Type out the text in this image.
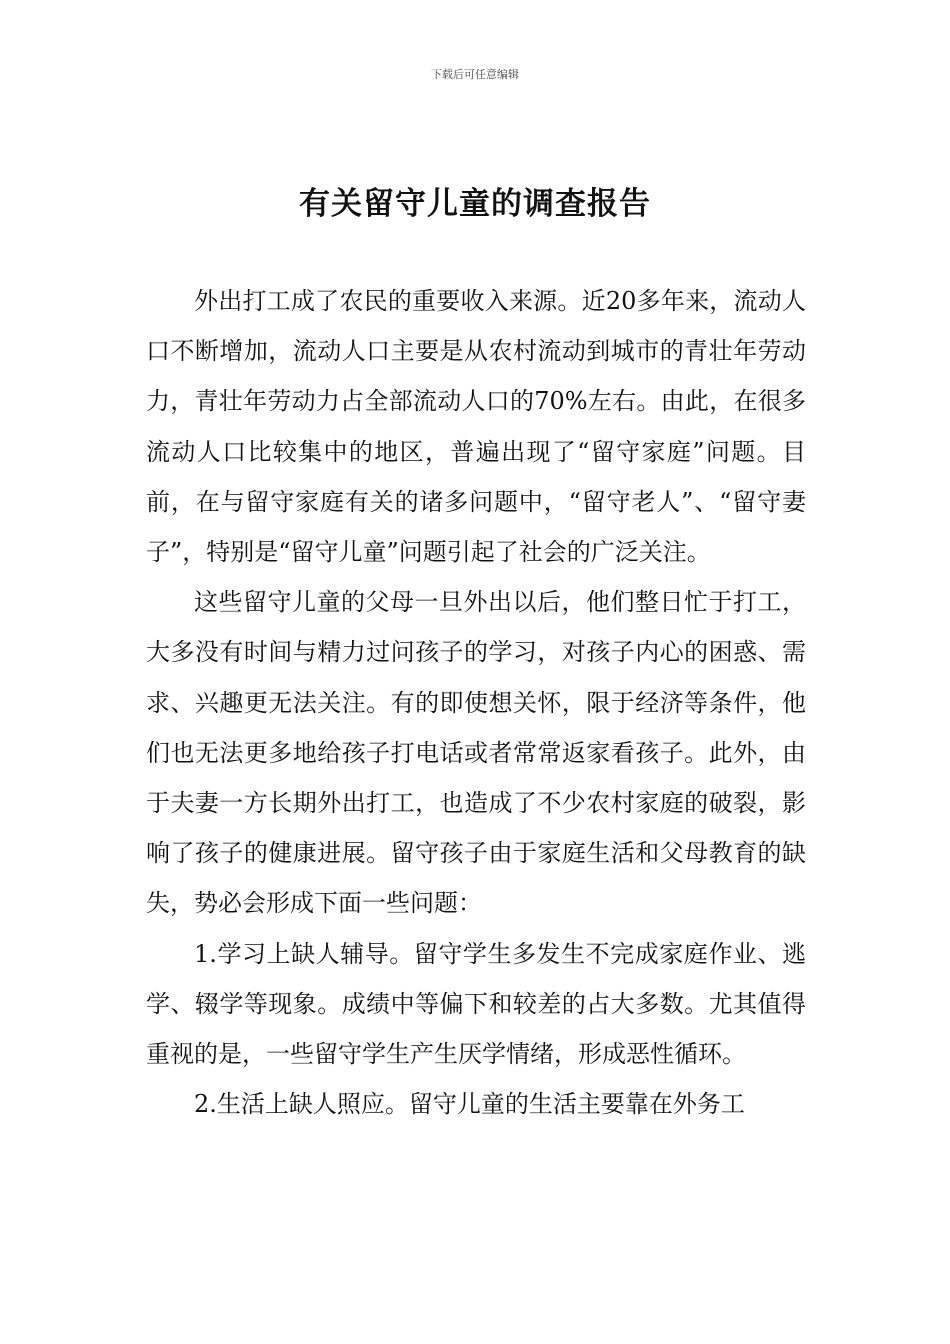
下载后可任意编辑
有关留守儿童的调查报告

外出打工成了农民的重要收入来源。近20多年来，流动人口不断增加，流动人口主要是从农村流动到城市的青壮年劳动力，青壮年劳动力占全部流动人口的70%左右。由此，在很多流动人口比较集中的地区，普遍出现了“留守家庭”问题。目前，在与留守家庭有关的诸多问题中，“留守老人”、“留守妻子”，特别是“留守儿童”问题引起了社会的广泛关注。

这些留守儿童的父母一旦外出以后，他们整日忙于打工，大多没有时间与精力过问孩子的学习，对孩子内心的困惑、需求、兴趣更无法关注。有的即使想关怀，限于经济等条件，他们也无法更多地给孩子打电话或者常常返家看孩子。此外，由于夫妻一方长期外出打工，也造成了不少农村家庭的破裂，影响了孩子的健康进展。留守孩子由于家庭生活和父母教育的缺失，势必会形成下面一些问题：

1.学习上缺人辅导。留守学生多发生不完成家庭作业、逃学、辍学等现象。成绩中等偏下和较差的占大多数。尤其值得重视的是，一些留守学生产生厌学情绪，形成恶性循环。

2.生活上缺人照应。留守儿童的生活主要靠在外务工
